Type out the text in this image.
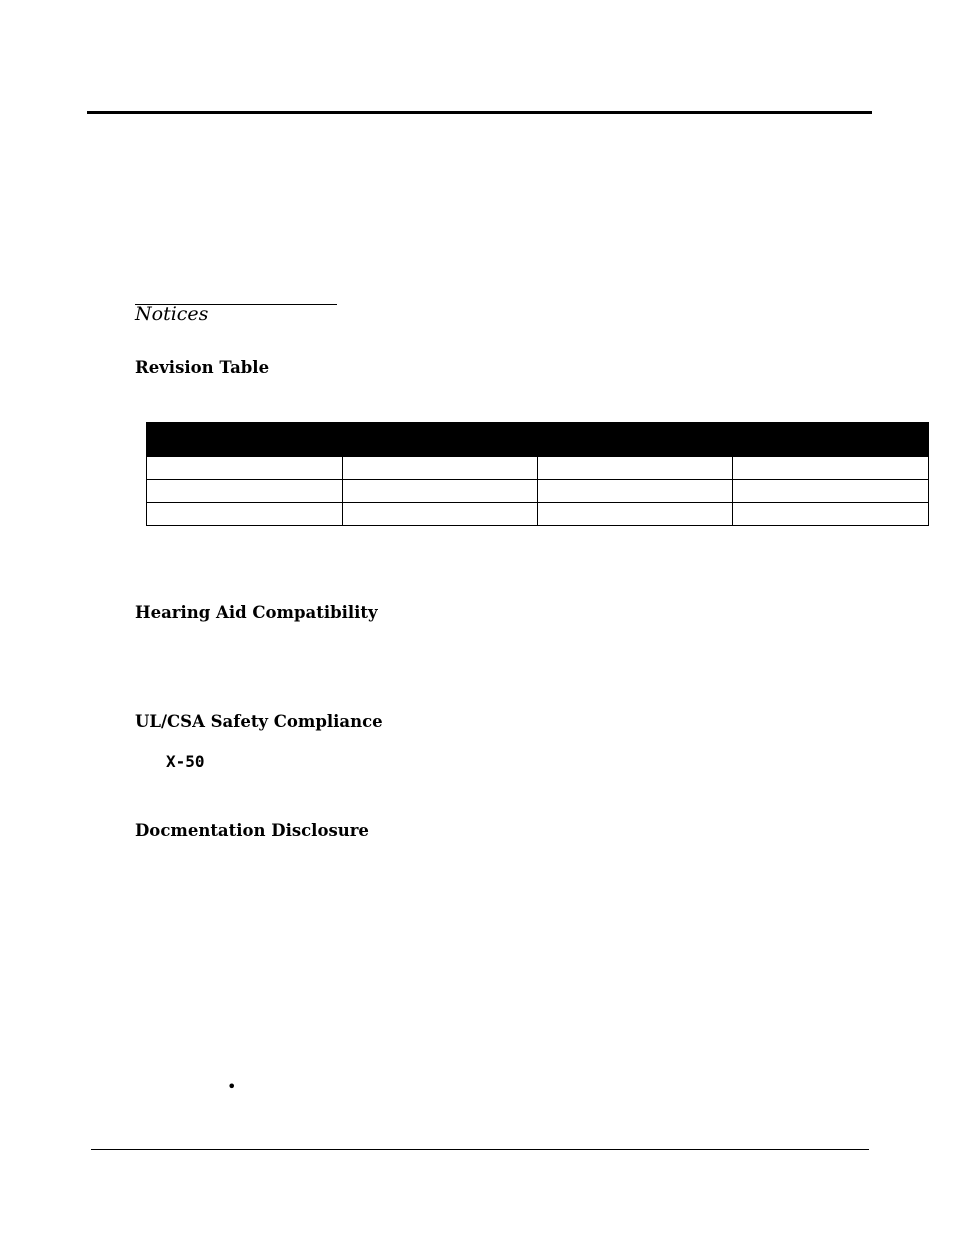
Notices
Revision Table

Hearing Aid Compatibility
UL/CSA Safety Compliance
X-50
Docmentation Disclosure
•
